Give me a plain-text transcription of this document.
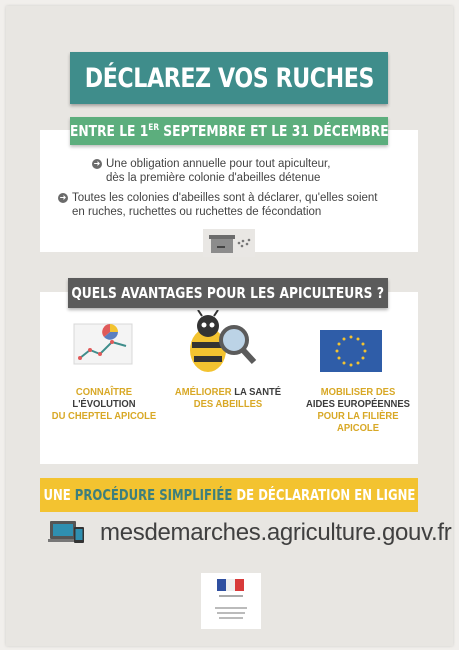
DÉCLAREZ VOS RUCHES
ENTRE LE 1ER SEPTEMBRE ET LE 31 DÉCEMBRE
➜ Une obligation annuelle pour tout apiculteur,
dès la première colonie d'abeilles détenue
➜ Toutes les colonies d'abeilles sont à déclarer, qu'elles soient
en ruches, ruchettes ou ruchettes de fécondation
QUELS AVANTAGES POUR LES APICULTEURS ?
CONNAÎTRE L'ÉVOLUTION
DU CHEPTEL APICOLE
AMÉLIORER LA SANTÉ
DES ABEILLES
MOBILISER DES
AIDES EUROPÉENNES
POUR LA FILIÈRE APICOLE
UNE PROCÉDURE SIMPLIFIÉE DE DÉCLARATION EN LIGNE
mesdemarches.agriculture.gouv.fr
